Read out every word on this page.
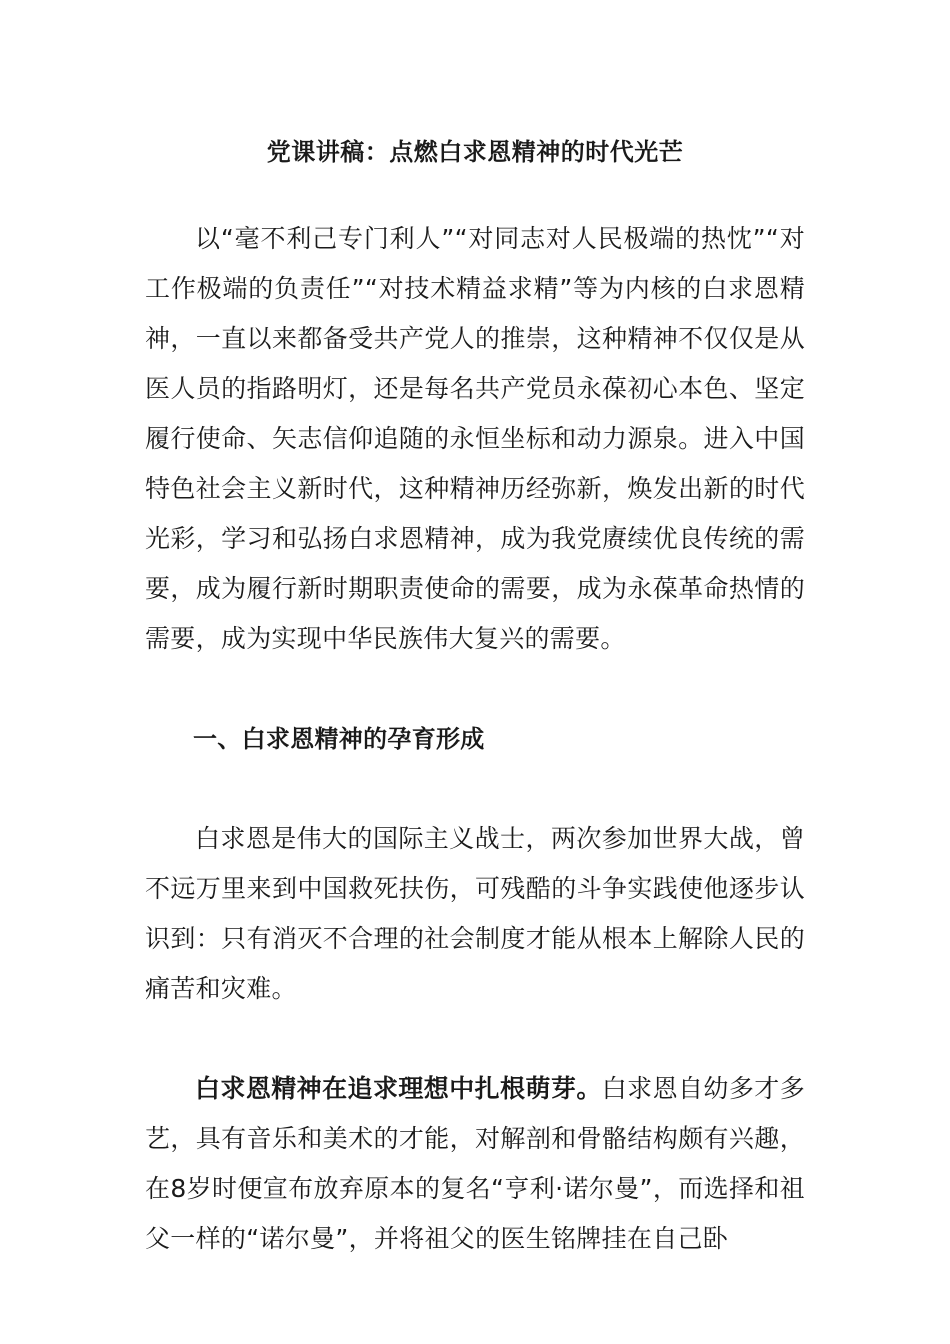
党课讲稿：点燃白求恩精神的时代光芒

以“毫不利己专门利人”“对同志对人民极端的热忱”“对工作极端的负责任”“对技术精益求精”等为内核的白求恩精神，一直以来都备受共产党人的推崇，这种精神不仅仅是从医人员的指路明灯，还是每名共产党员永葆初心本色、坚定履行使命、矢志信仰追随的永恒坐标和动力源泉。进入中国特色社会主义新时代，这种精神历经弥新，焕发出新的时代光彩，学习和弘扬白求恩精神，成为我党赓续优良传统的需要，成为履行新时期职责使命的需要，成为永葆革命热情的需要，成为实现中华民族伟大复兴的需要。

一、白求恩精神的孕育形成

白求恩是伟大的国际主义战士，两次参加世界大战，曾不远万里来到中国救死扶伤，可残酷的斗争实践使他逐步认识到：只有消灭不合理的社会制度才能从根本上解除人民的痛苦和灾难。

白求恩精神在追求理想中扎根萌芽。白求恩自幼多才多艺，具有音乐和美术的才能，对解剖和骨骼结构颇有兴趣，在8岁时便宣布放弃原本的复名“亨利·诺尔曼”，而选择和祖父一样的“诺尔曼”，并将祖父的医生铭牌挂在自己卧
